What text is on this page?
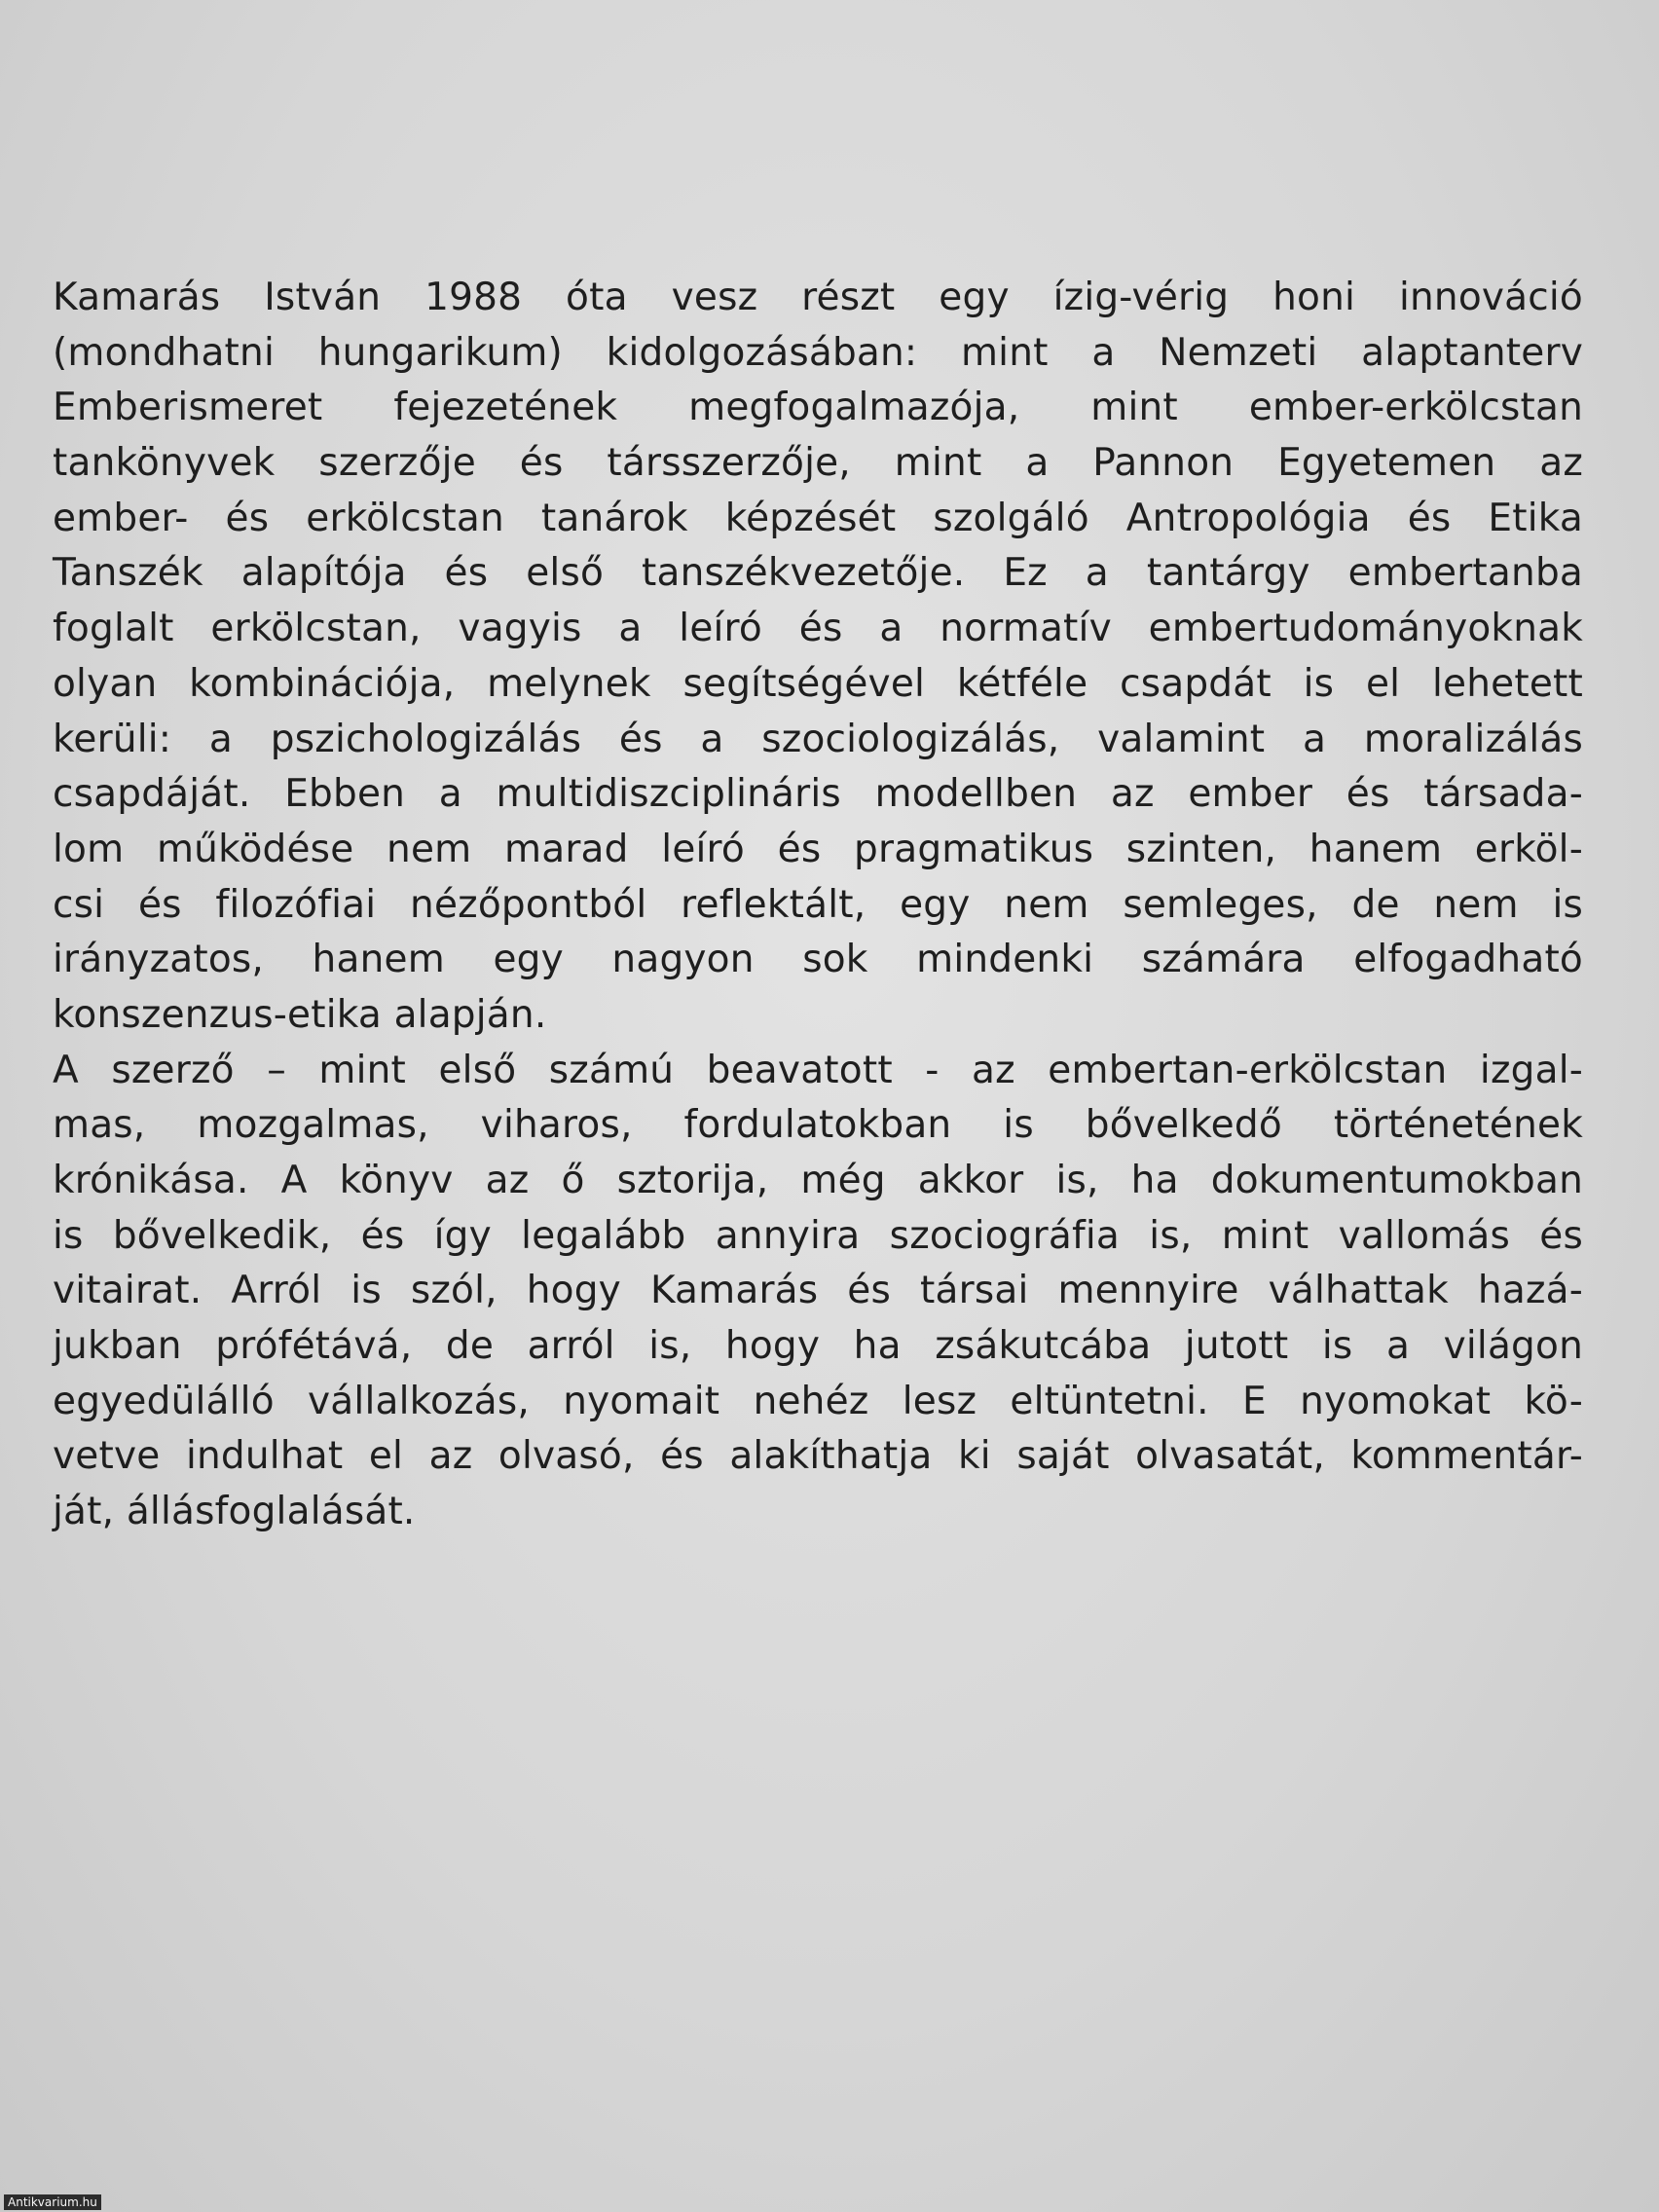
Kamarás István 1988 óta vesz részt egy ízig-vérig honi innováció
(mondhatni hungarikum) kidolgozásában: mint a Nemzeti alaptanterv
Emberismeret fejezetének megfogalmazója, mint ember-erkölcstan
tankönyvek szerzője és társszerzője, mint a Pannon Egyetemen az
ember- és erkölcstan tanárok képzését szolgáló Antropológia és Etika
Tanszék alapítója és első tanszékvezetője. Ez a tantárgy embertanba
foglalt erkölcstan, vagyis a leíró és a normatív embertudományoknak
olyan kombinációja, melynek segítségével kétféle csapdát is el lehetett
kerüli: a pszichologizálás és a szociologizálás, valamint a moralizálás
csapdáját. Ebben a multidiszciplináris modellben az ember és társada-
lom működése nem marad leíró és pragmatikus szinten, hanem erköl-
csi és filozófiai nézőpontból reflektált, egy nem semleges, de nem is
irányzatos, hanem egy nagyon sok mindenki számára elfogadható
konszenzus-etika alapján.
A szerző – mint első számú beavatott - az embertan-erkölcstan izgal-
mas, mozgalmas, viharos, fordulatokban is bővelkedő történetének
krónikása. A könyv az ő sztorija, még akkor is, ha dokumentumokban
is bővelkedik, és így legalább annyira szociográfia is, mint vallomás és
vitairat. Arról is szól, hogy Kamarás és társai mennyire válhattak hazá-
jukban prófétává, de arról is, hogy ha zsákutcába jutott is a világon
egyedülálló vállalkozás, nyomait nehéz lesz eltüntetni. E nyomokat kö-
vetve indulhat el az olvasó, és alakíthatja ki saját olvasatát, kommentár-
ját, állásfoglalását.
Antikvarium.hu
